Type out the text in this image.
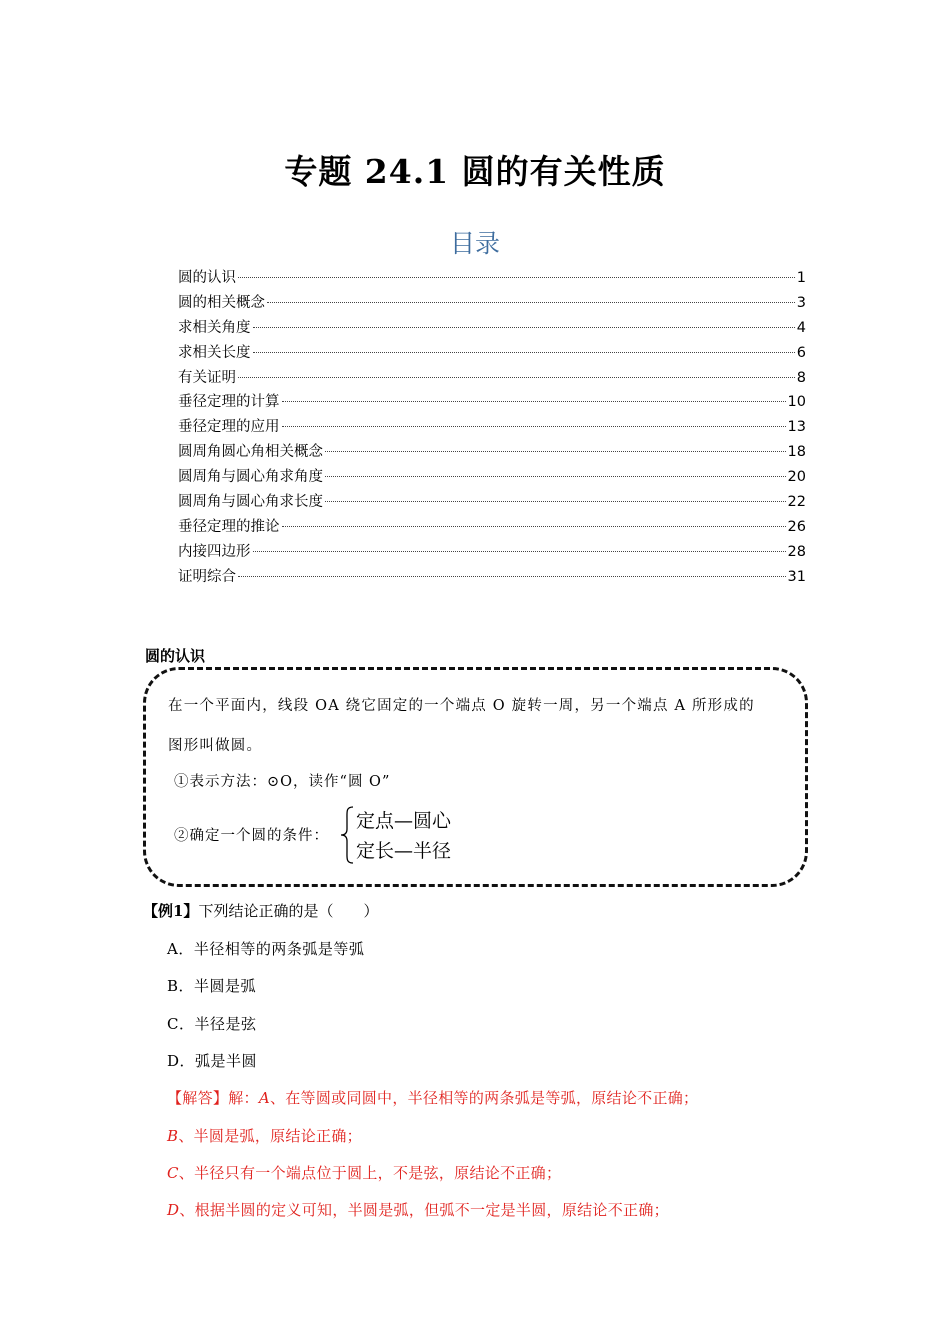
专题 24.1 圆的有关性质
目录
圆的认识	1
圆的相关概念	3
求相关角度	4
求相关长度	6
有关证明	8
垂径定理的计算	10
垂径定理的应用	13
圆周角圆心角相关概念	18
圆周角与圆心角求角度	20
圆周角与圆心角求长度	22
垂径定理的推论	26
内接四边形	28
证明综合	31
圆的认识
在一个平面内，线段 OA 绕它固定的一个端点 O 旋转一周，另一个端点 A 所形成的
图形叫做圆。
①表示方法：⊙O，读作“圆 O”
②确定一个圆的条件：
定点—圆心
定长—半径
【例1】下列结论正确的是（　　）
A．半径相等的两条弧是等弧
B．半圆是弧
C．半径是弦
D．弧是半圆
【解答】解：A、在等圆或同圆中，半径相等的两条弧是等弧，原结论不正确；
B、半圆是弧，原结论正确；
C、半径只有一个端点位于圆上，不是弦，原结论不正确；
D、根据半圆的定义可知，半圆是弧，但弧不一定是半圆，原结论不正确；
